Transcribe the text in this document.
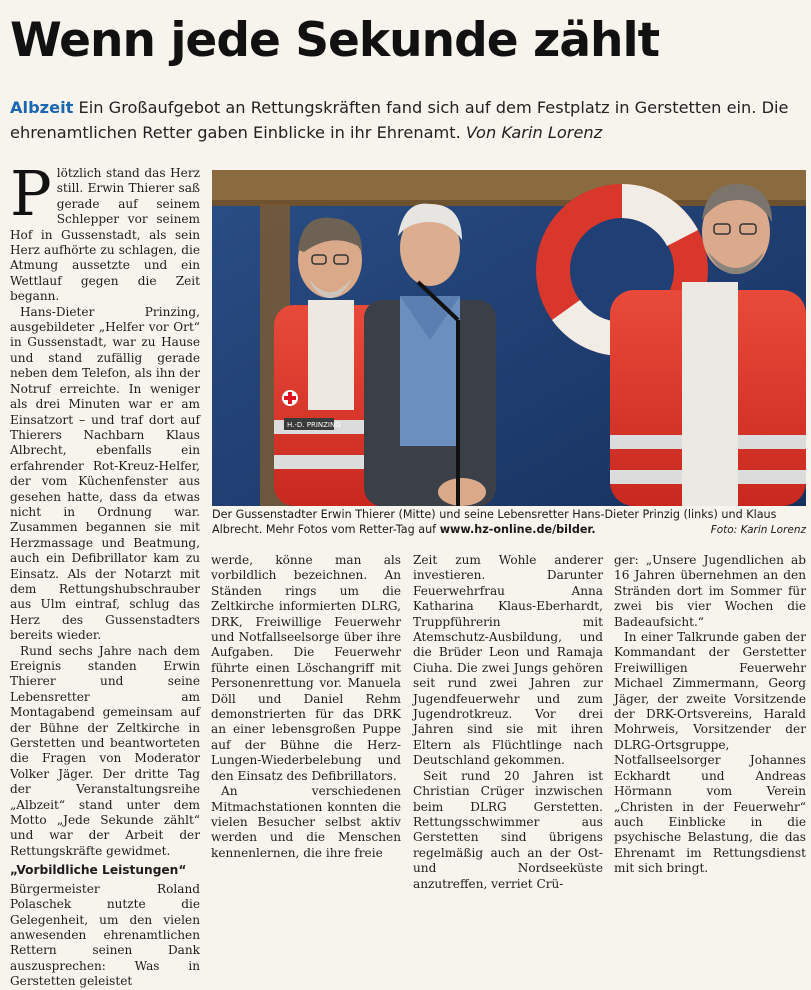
Wenn jede Sekunde zählt
Albzeit Ein Großaufgebot an Rettungskräften fand sich auf dem Festplatz in Gerstetten ein. Die ehrenamtlichen Retter gaben Einblicke in ihr Ehrenamt. Von Karin Lorenz

Plötzlich stand das Herz still. Erwin Thierer saß gerade auf seinem Schlepper vor seinem Hof in Gussenstadt, als sein Herz aufhörte zu schlagen, die Atmung aussetzte und ein Wettlauf gegen die Zeit begann.

Hans-Dieter Prinzing, ausgebildeter „Helfer vor Ort“ in Gussenstadt, war zu Hause und stand zufällig gerade neben dem Telefon, als ihn der Notruf erreichte. In weniger als drei Minuten war er am Einsatzort – und traf dort auf Thierers Nachbarn Klaus Albrecht, ebenfalls ein erfahrender Rot-Kreuz-Helfer, der vom Küchenfenster aus gesehen hatte, dass da etwas nicht in Ordnung war. Zusammen begannen sie mit Herzmassage und Beatmung, auch ein Defibrillator kam zu Einsatz. Als der Notarzt mit dem Rettungshubschrauber aus Ulm eintraf, schlug das Herz des Gussenstadters bereits wieder.

Rund sechs Jahre nach dem Ereignis standen Erwin Thierer und seine Lebensretter am Montagabend gemeinsam auf der Bühne der Zeltkirche in Gerstetten und beantworteten die Fragen von Moderator Volker Jäger. Der dritte Tag der Veranstaltungsreihe „Albzeit“ stand unter dem Motto „Jede Sekunde zählt“ und war der Arbeit der Rettungskräfte gewidmet.

„Vorbildliche Leistungen“

Bürgermeister Roland Polaschek nutzte die Gelegenheit, um den vielen anwesenden ehrenamtlichen Rettern seinen Dank auszusprechen: Was in Gerstetten geleistet

H.-D. PRINZING
Der Gussenstadter Erwin Thierer (Mitte) und seine Lebensretter Hans-Dieter Prinzig (links) und Klaus Albrecht. Mehr Fotos vom Retter-Tag auf www.hz-online.de/bilder.	Foto: Karin Lorenz

werde, könne man als vorbildlich bezeichnen. An Ständen rings um die Zeltkirche informierten DLRG, DRK, Freiwillige Feuerwehr und Notfallseelsorge über ihre Aufgaben. Die Feuerwehr führte einen Löschangriff mit Personenrettung vor. Manuela Döll und Daniel Rehm demonstrierten für das DRK an einer lebensgroßen Puppe auf der Bühne die Herz-Lungen-Wiederbelebung und den Einsatz des Defibrillators.

An verschiedenen Mitmachstationen konnten die vielen Besucher selbst aktiv werden und die Menschen kennenlernen, die ihre freie

Zeit zum Wohle anderer investieren. Darunter Feuerwehrfrau Anna Katharina Klaus-Eberhardt, Truppführerin mit Atemschutz-Ausbildung, und die Brüder Leon und Ramaja Ciuha. Die zwei Jungs gehören seit rund zwei Jahren zur Jugendfeuerwehr und zum Jugendrotkreuz. Vor drei Jahren sind sie mit ihren Eltern als Flüchtlinge nach Deutschland gekommen.

Seit rund 20 Jahren ist Christian Crüger inzwischen beim DLRG Gerstetten. Rettungsschwimmer aus Gerstetten sind übrigens regelmäßig auch an der Ost- und Nordseeküste anzutreffen, verriet Crü-

ger: „Unsere Jugendlichen ab 16 Jahren übernehmen an den Stränden dort im Sommer für zwei bis vier Wochen die Badeaufsicht.“

In einer Talkrunde gaben der Kommandant der Gerstetter Freiwilligen Feuerwehr Michael Zimmermann, Georg Jäger, der zweite Vorsitzende der DRK-Ortsvereins, Harald Mohrweis, Vorsitzender der DLRG-Ortsgruppe, Notfallseelsorger Johannes Eckhardt und Andreas Hörmann vom Verein „Christen in der Feuerwehr“ auch Einblicke in die psychische Belastung, die das Ehrenamt im Rettungsdienst mit sich bringt.
